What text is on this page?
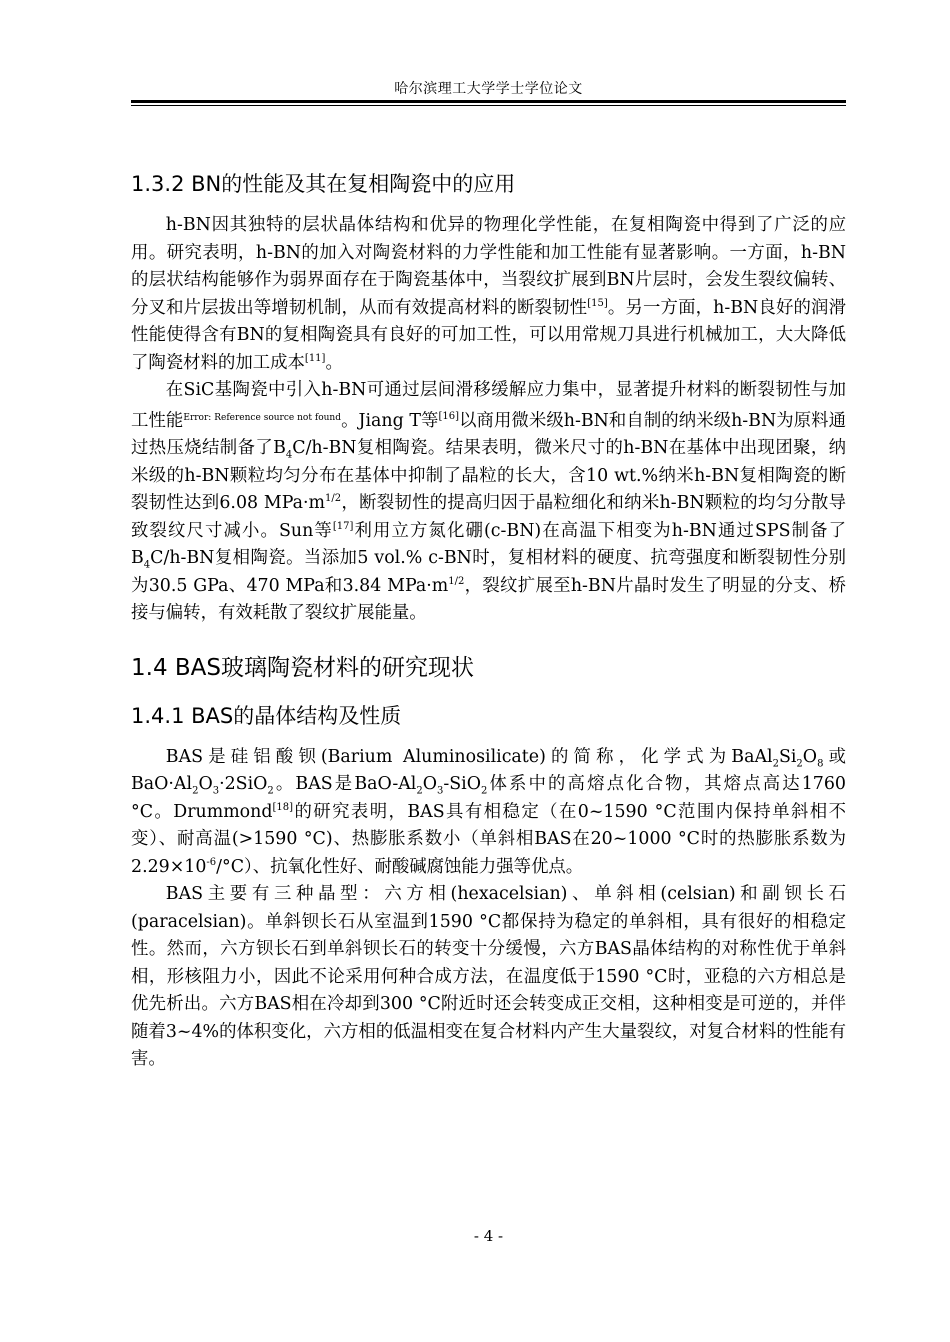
哈尔滨理工大学学士学位论文
1.3.2 BN的性能及其在复相陶瓷中的应用

h-BN因其独特的层状晶体结构和优异的物理化学性能，在复相陶瓷中得到了广泛的应用。研究表明，h-BN的加入对陶瓷材料的力学性能和加工性能有显著影响。一方面，h-BN的层状结构能够作为弱界面存在于陶瓷基体中，当裂纹扩展到BN片层时，会发生裂纹偏转、分叉和片层拔出等增韧机制，从而有效提高材料的断裂韧性[15]。另一方面，h-BN良好的润滑性能使得含有BN的复相陶瓷具有良好的可加工性，可以用常规刀具进行机械加工，大大降低了陶瓷材料的加工成本[11]。

在SiC基陶瓷中引入h-BN可通过层间滑移缓解应力集中，显著提升材料的断裂韧性与加工性能$^{Error: Reference source not found}$。Jiang T等[16]以商用微米级h-BN和自制的纳米级h-BN为原料通过热压烧结制备了$B_4C/h-BN$复相陶瓷。结果表明，微米尺寸的h-BN在基体中出现团聚，纳米级的h-BN颗粒均匀分布在基体中抑制了晶粒的长大，含10 wt.%纳米h-BN复相陶瓷的断裂韧性达到6.08 $MPa\cdot m^{1/2}$，断裂韧性的提高归因于晶粒细化和纳米h-BN颗粒的均匀分散导致裂纹尺寸减小。Sun等[17]利用立方氮化硼(c-BN)在高温下相变为h-BN通过SPS制备了$B_4C/h-BN$复相陶瓷。当添加5 vol.% c-BN时，复相材料的硬度、抗弯强度和断裂韧性分别为30.5 GPa、470 MPa和3.84 $MPa\cdot m^{1/2}$，裂纹扩展至h-BN片晶时发生了明显的分支、桥接与偏转，有效耗散了裂纹扩展能量。

1.4 BAS玻璃陶瓷材料的研究现状
1.4.1 BAS的晶体结构及性质

BAS是硅铝酸钡(Barium Aluminosilicate)的简称，化学式为$BaAl_2Si_2O_8$或$BaO\cdot Al_2O_3\cdot 2SiO_2$。BAS是BaO-$Al_2O_3-SiO_2$体系中的高熔点化合物，其熔点高达1760 °C。Drummond[18]的研究表明，BAS具有相稳定（在0~1590 °C范围内保持单斜相不变）、耐高温(>1590 °C)、热膨胀系数小（单斜相BAS在20~1000 °C时的热膨胀系数为$2.29\times 10^{-6}/^\circ C$）、抗氧化性好、耐酸碱腐蚀能力强等优点。

BAS主要有三种晶型：六方相(hexacelsian)、单斜相(celsian)和副钡长石(paracelsian)。单斜钡长石从室温到1590 °C都保持为稳定的单斜相，具有很好的相稳定性。然而，六方钡长石到单斜钡长石的转变十分缓慢，六方BAS晶体结构的对称性优于单斜相，形核阻力小，因此不论采用何种合成方法，在温度低于1590 °C时，亚稳的六方相总是优先析出。六方BAS相在冷却到300 °C附近时还会转变成正交相，这种相变是可逆的，并伴随着3~4%的体积变化，六方相的低温相变在复合材料内产生大量裂纹，对复合材料的性能有害。

- 4 -
